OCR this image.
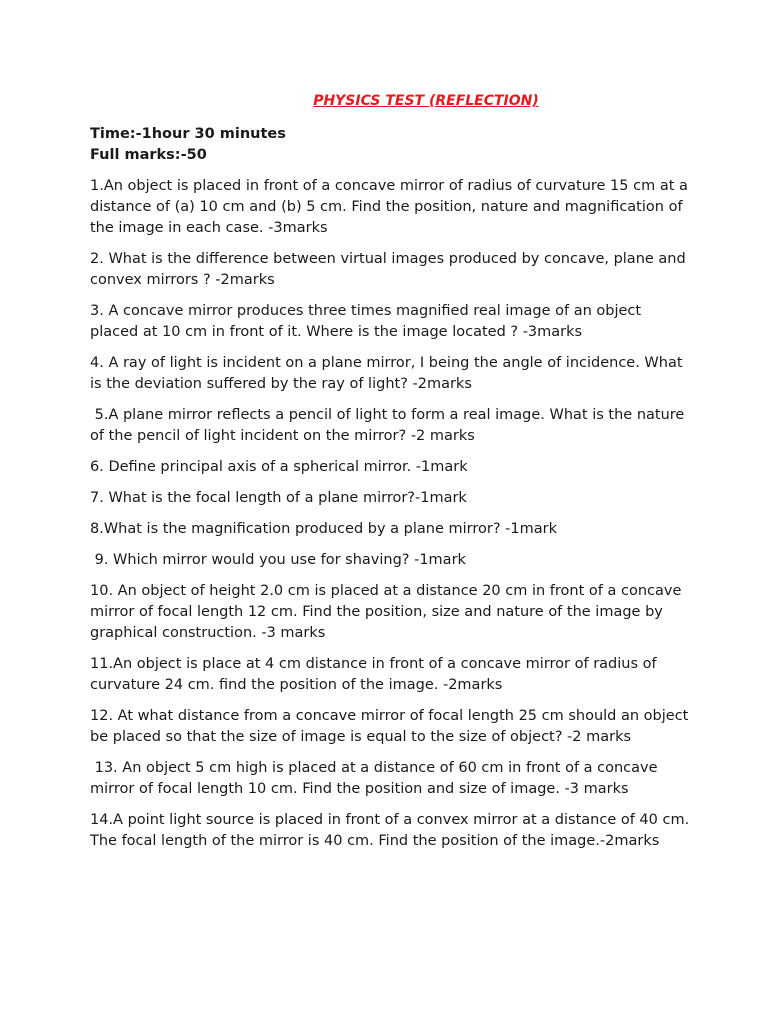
PHYSICS TEST (REFLECTION)
Time:-1hour 30 minutes
Full marks:-50

1.An object is placed in front of a concave mirror of radius of curvature 15 cm at a distance of (a) 10 cm and (b) 5 cm. Find the position, nature and magnification of the image in each case. -3marks

2. What is the difference between virtual images produced by concave, plane and convex mirrors ? -2marks

3. A concave mirror produces three times magnified real image of an object placed at 10 cm in front of it. Where is the image located ? -3marks

4. A ray of light is incident on a plane mirror, I being the angle of incidence. What is the deviation suffered by the ray of light? -2marks

5.A plane mirror reflects a pencil of light to form a real image. What is the nature of the pencil of light incident on the mirror? -2 marks

6. Define principal axis of a spherical mirror. -1mark

7. What is the focal length of a plane mirror?-1mark

8.What is the magnification produced by a plane mirror? -1mark

9. Which mirror would you use for shaving? -1mark

10. An object of height 2.0 cm is placed at a distance 20 cm in front of a concave mirror of focal length 12 cm. Find the position, size and nature of the image by graphical construction. -3 marks

11.An object is place at 4 cm distance in front of a concave mirror of radius of curvature 24 cm. find the position of the image. -2marks

12. At what distance from a concave mirror of focal length 25 cm should an object be placed so that the size of image is equal to the size of object? -2 marks

13. An object 5 cm high is placed at a distance of 60 cm in front of a concave mirror of focal length 10 cm. Find the position and size of image. -3 marks

14.A point light source is placed in front of a convex mirror at a distance of 40 cm. The focal length of the mirror is 40 cm. Find the position of the image.-2marks
